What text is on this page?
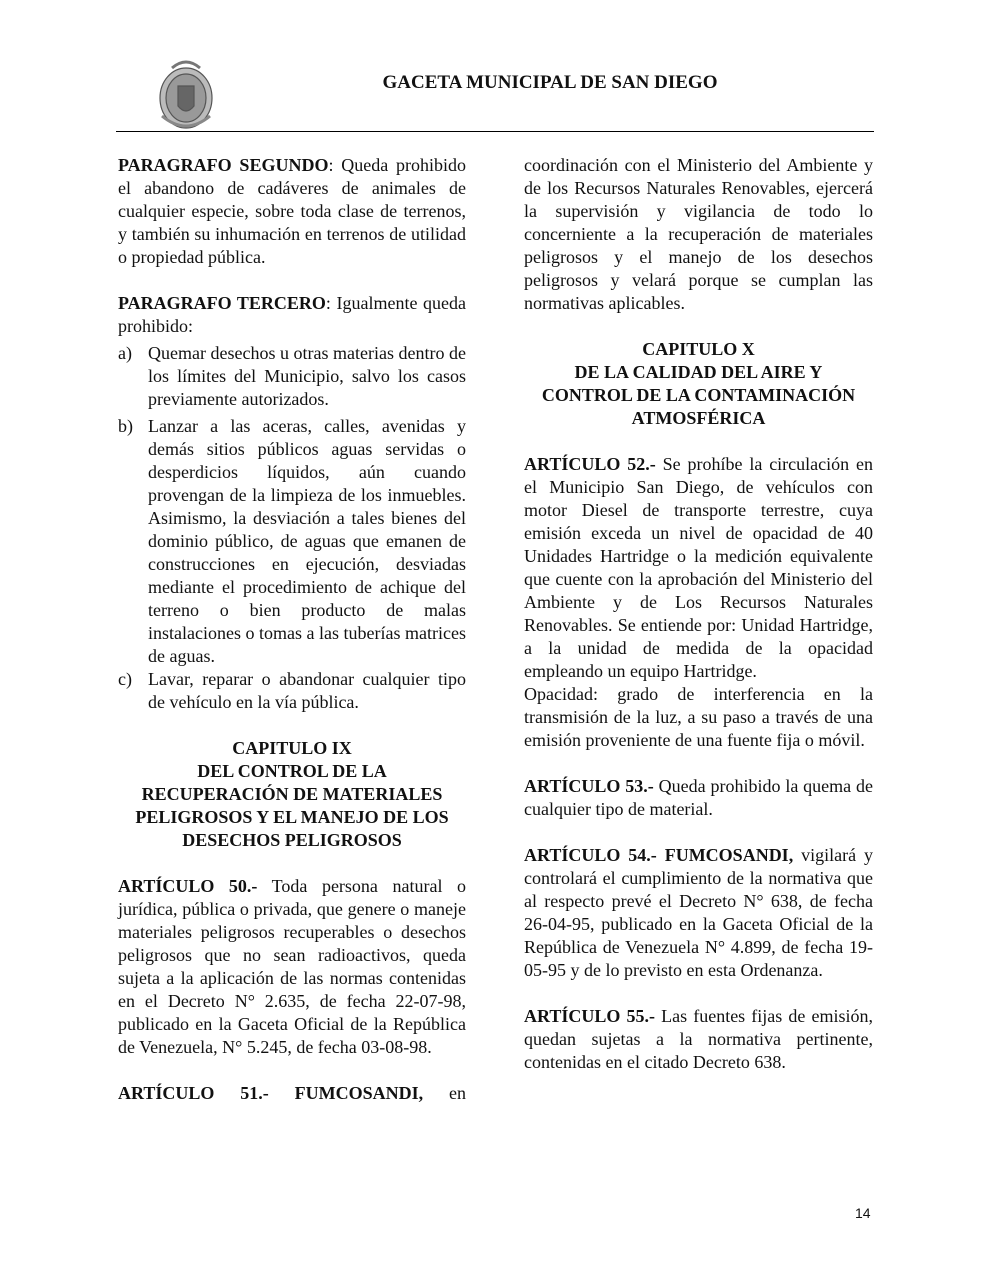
GACETA MUNICIPAL DE SAN DIEGO

PARAGRAFO SEGUNDO: Queda prohibido el abandono de cadáveres de animales de cualquier especie, sobre toda clase de terrenos, y también su inhumación en terrenos de utilidad o propiedad pública.

PARAGRAFO TERCERO: Igualmente queda prohibido:

a) Quemar desechos u otras materias dentro de los límites del Municipio, salvo los casos previamente autorizados.
b) Lanzar a las aceras, calles, avenidas y demás sitios públicos aguas servidas o desperdicios líquidos, aún cuando provengan de la limpieza de los inmuebles. Asimismo, la desviación a tales bienes del dominio público, de aguas que emanen de construcciones en ejecución, desviadas mediante el procedimiento de achique del terreno o bien producto de malas instalaciones o tomas a las tuberías matrices de aguas.
c) Lavar, reparar o abandonar cualquier tipo de vehículo en la vía pública.
CAPITULO IX
DEL CONTROL DE LA
RECUPERACIÓN DE MATERIALES
PELIGROSOS Y EL MANEJO DE LOS
DESECHOS PELIGROSOS

ARTÍCULO 50.- Toda persona natural o jurídica, pública o privada, que genere o maneje materiales peligrosos recuperables o desechos peligrosos que no sean radioactivos, queda sujeta a la aplicación de las normas contenidas en el Decreto N° 2.635, de fecha 22-07-98, publicado en la Gaceta Oficial de la República de Venezuela, N° 5.245, de fecha 03-08-98.

ARTÍCULO 51.- FUMCOSANDI, en

coordinación con el Ministerio del Ambiente y de los Recursos Naturales Renovables, ejercerá la supervisión y vigilancia de todo lo concerniente a la recuperación de materiales peligrosos y el manejo de los desechos peligrosos y velará porque se cumplan las normativas aplicables.

CAPITULO X
DE LA CALIDAD DEL AIRE Y
CONTROL DE LA CONTAMINACIÓN
ATMOSFÉRICA

ARTÍCULO 52.- Se prohíbe la circulación en el Municipio San Diego, de vehículos con motor Diesel de transporte terrestre, cuya emisión exceda un nivel de opacidad de 40 Unidades Hartridge o la medición equivalente que cuente con la aprobación del Ministerio del Ambiente y de Los Recursos Naturales Renovables. Se entiende por: Unidad Hartridge, a la unidad de medida de la opacidad empleando un equipo Hartridge.

Opacidad: grado de interferencia en la transmisión de la luz, a su paso a través de una emisión proveniente de una fuente fija o móvil.

ARTÍCULO 53.- Queda prohibido la quema de cualquier tipo de material.

ARTÍCULO 54.- FUMCOSANDI, vigilará y controlará el cumplimiento de la normativa que al respecto prevé el Decreto N° 638, de fecha 26-04-95, publicado en la Gaceta Oficial de la República de Venezuela N° 4.899, de fecha 19-05-95 y de lo previsto en esta Ordenanza.

ARTÍCULO 55.- Las fuentes fijas de emisión, quedan sujetas a la normativa pertinente, contenidas en el citado Decreto 638.

14
